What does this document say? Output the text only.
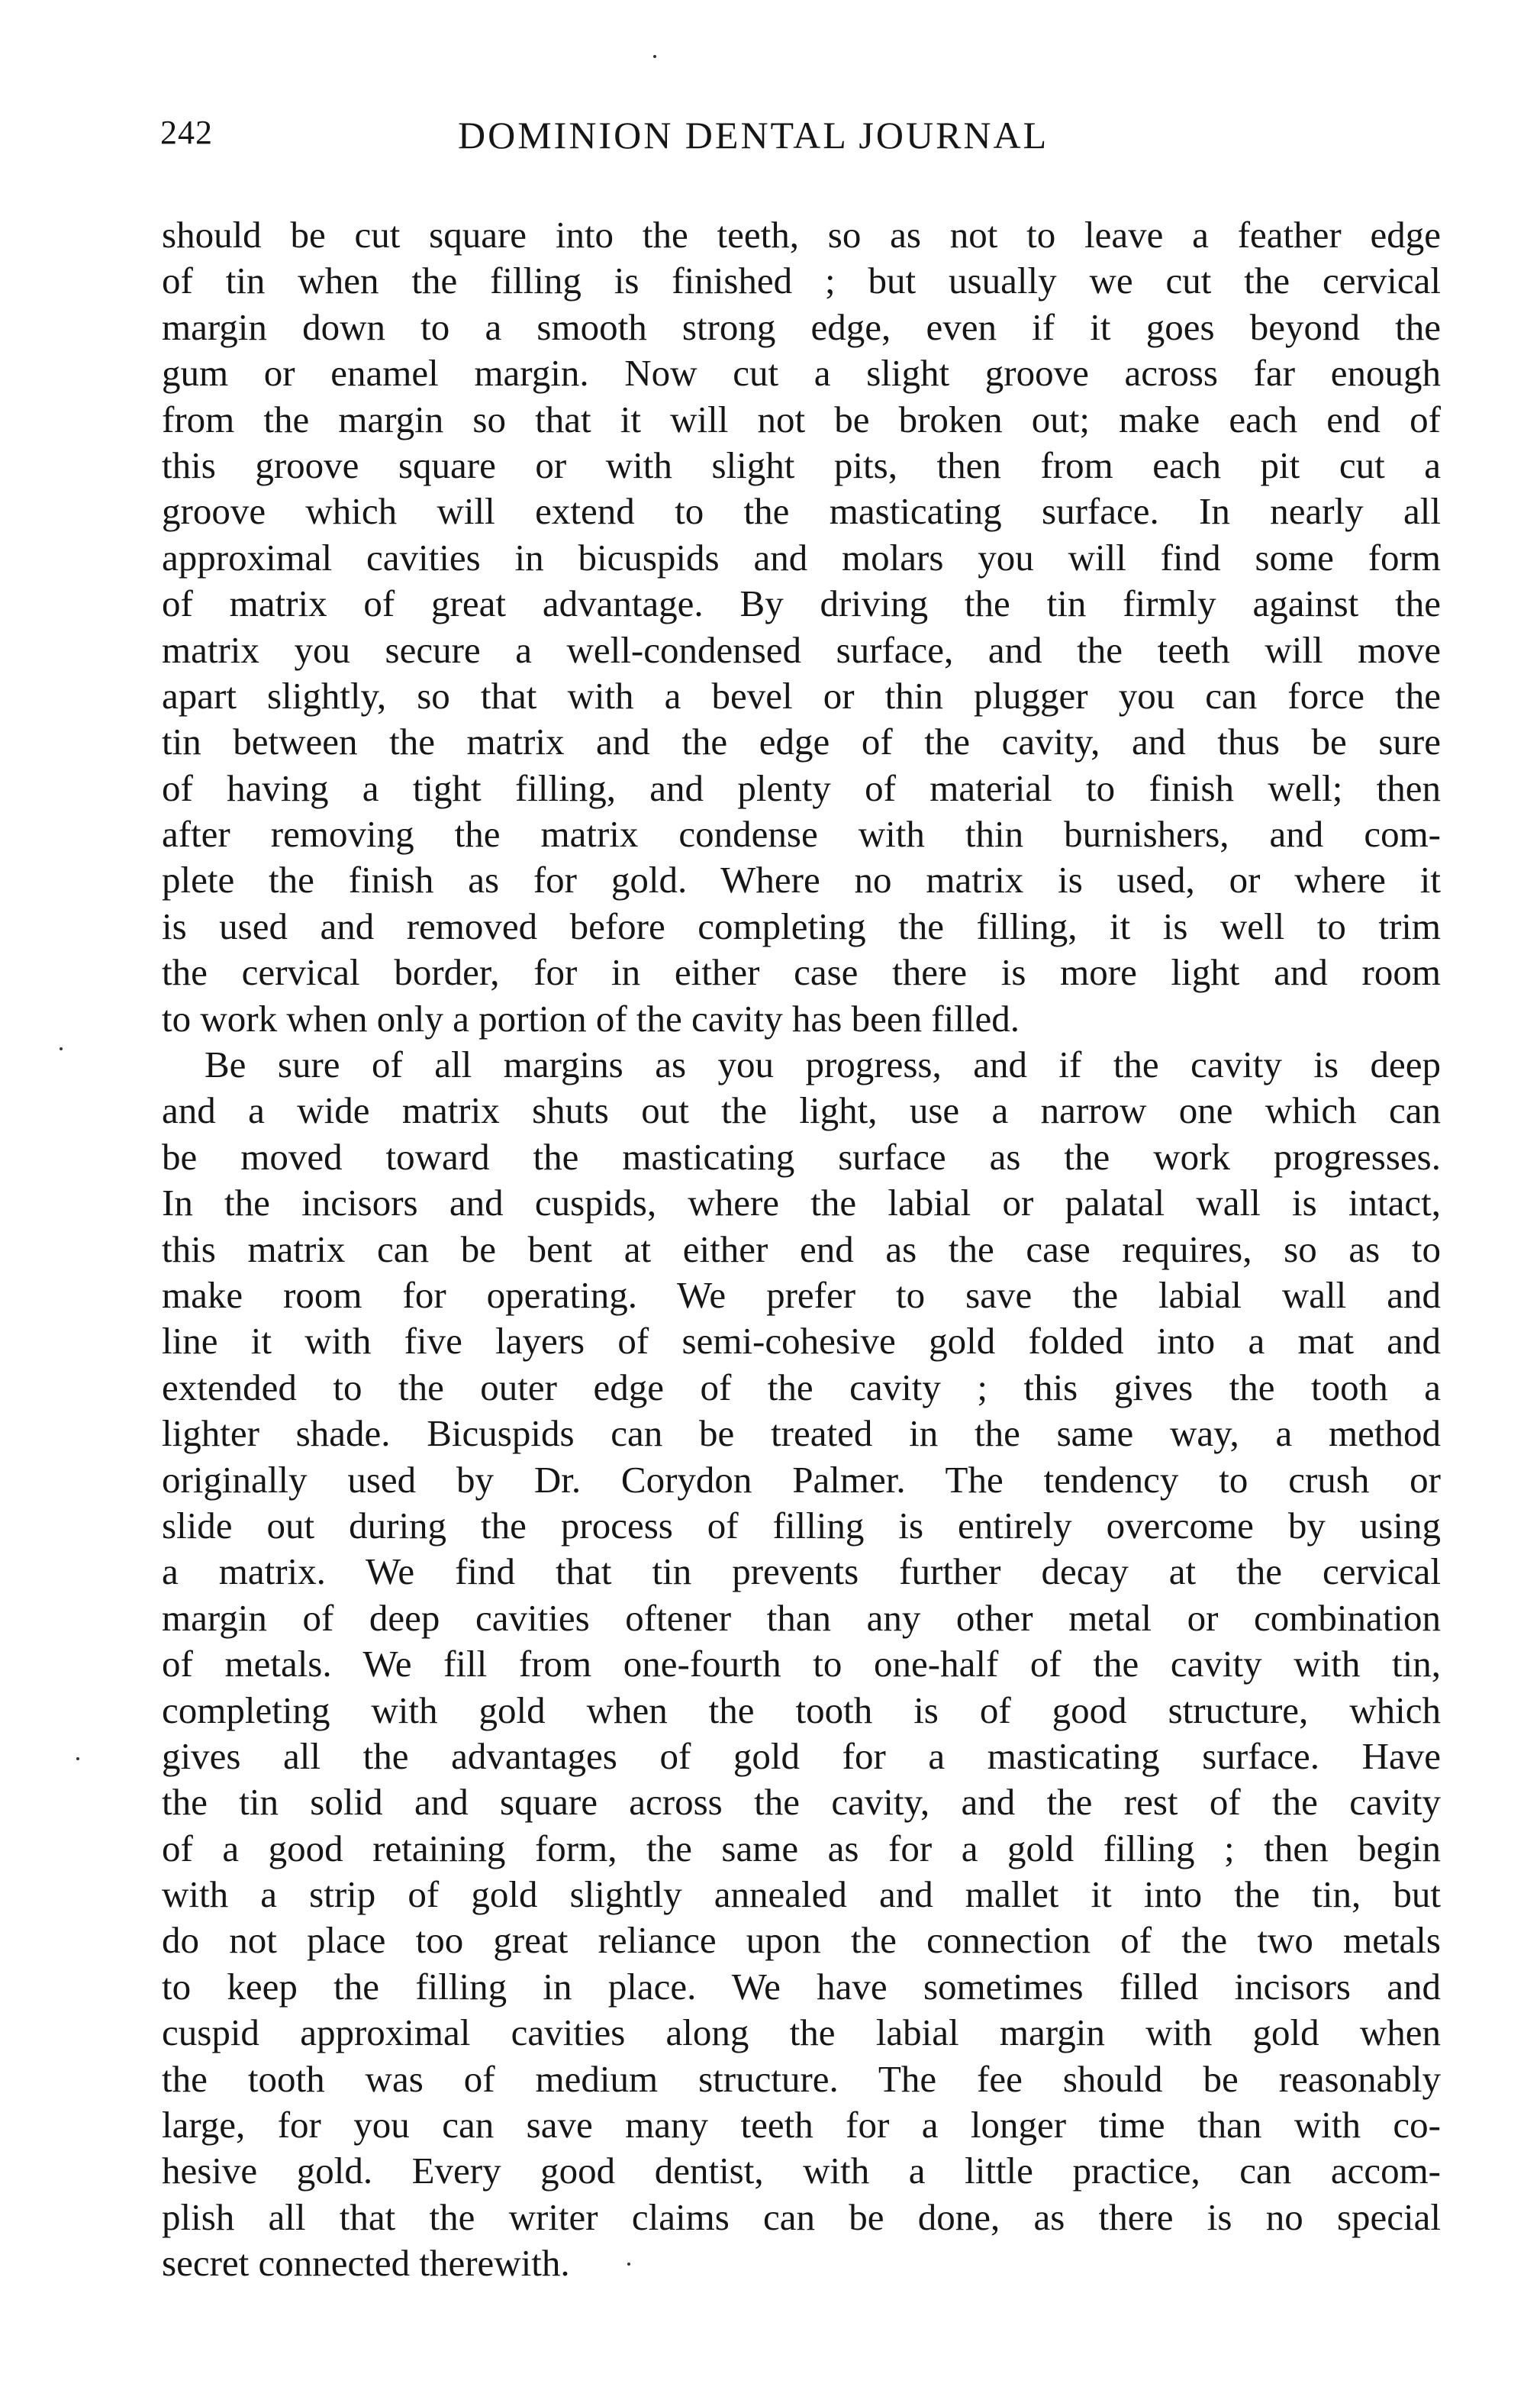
242	DOMINION DENTAL JOURNAL
should be cut square into the teeth, so as not to leave a feather edge
of tin when the filling is finished ; but usually we cut the cervical
margin down to a smooth strong edge, even if it goes beyond the
gum or enamel margin. Now cut a slight groove across far enough
from the margin so that it will not be broken out; make each end of
this groove square or with slight pits, then from each pit cut a
groove which will extend to the masticating surface. In nearly all
approximal cavities in bicuspids and molars you will find some form
of matrix of great advantage. By driving the tin firmly against the
matrix you secure a well-condensed surface, and the teeth will move
apart slightly, so that with a bevel or thin plugger you can force the
tin between the matrix and the edge of the cavity, and thus be sure
of having a tight filling, and plenty of material to finish well; then
after removing the matrix condense with thin burnishers, and com-
plete the finish as for gold. Where no matrix is used, or where it
is used and removed before completing the filling, it is well to trim
the cervical border, for in either case there is more light and room
to work when only a portion of the cavity has been filled.
Be sure of all margins as you progress, and if the cavity is deep
and a wide matrix shuts out the light, use a narrow one which can
be moved toward the masticating surface as the work progresses.
In the incisors and cuspids, where the labial or palatal wall is intact,
this matrix can be bent at either end as the case requires, so as to
make room for operating. We prefer to save the labial wall and
line it with five layers of semi-cohesive gold folded into a mat and
extended to the outer edge of the cavity ; this gives the tooth a
lighter shade. Bicuspids can be treated in the same way, a method
originally used by Dr. Corydon Palmer. The tendency to crush or
slide out during the process of filling is entirely overcome by using
a matrix. We find that tin prevents further decay at the cervical
margin of deep cavities oftener than any other metal or combination
of metals. We fill from one-fourth to one-half of the cavity with tin,
completing with gold when the tooth is of good structure, which
gives all the advantages of gold for a masticating surface. Have
the tin solid and square across the cavity, and the rest of the cavity
of a good retaining form, the same as for a gold filling ; then begin
with a strip of gold slightly annealed and mallet it into the tin, but
do not place too great reliance upon the connection of the two metals
to keep the filling in place. We have sometimes filled incisors and
cuspid approximal cavities along the labial margin with gold when
the tooth was of medium structure. The fee should be reasonably
large, for you can save many teeth for a longer time than with co-
hesive gold. Every good dentist, with a little practice, can accom-
plish all that the writer claims can be done, as there is no special
secret connected therewith.
